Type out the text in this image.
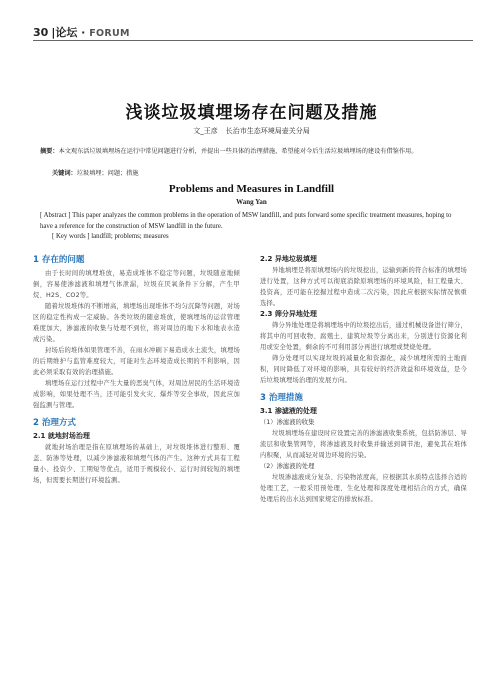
30 |论坛 · FORUM
浅谈垃圾填埋场存在问题及措施
文_王彦 长治市生态环境局壶关分局
摘要：本文观东活垃圾填埋场在运行中常见问题进行分析，并提出一些具体的治理措施，希望能对今后生活垃圾填埋场的建设有借鉴作用。
关键词：垃圾填埋；问题；措施
Problems and Measures in Landfill
Wang Yan
[ Abstract ] This paper analyzes the common problems in the operation of MSW landfill, and puts forward some specific treatment measures, hoping to have a reference for the construction of MSW landfill in the future.
[ Key words ] landfill; problems; measures
1 存在的问题

由于长时间的填埋堆放，易造成堆体不稳定等问题，垃圾随意地倾倒，容易使渗滤液和填埋气体泄漏，垃圾在厌氧条件下分解，产生甲烷、H2S、CO2等。

随着垃圾堆体的不断增高，填埋场出现堆体不均匀沉降等问题，对场区的稳定性构成一定威胁。各类垃圾的随意堆放，使填埋场的运营管理难度加大，渗滤液的收集与处理不到位，将对周边的地下水和地表水造成污染。

封场后的堆体如果管理不善，在雨水冲刷下易造成水土流失，填埋场的后期维护与监管难度较大，可能对生态环境造成长期的不利影响，因此必须采取有效的治理措施。

填埋场在运行过程中产生大量的恶臭气体，对周边居民的生活环境造成影响，如果处理不当，还可能引发火灾、爆炸等安全事故，因此应加强监测与管理。

2 治理方式
2.1 就地封场治理

就地封场治理是指在原填埋场的基础上，对垃圾堆体进行整形、覆盖、防渗等处理，以减少渗滤液和填埋气体的产生。这种方式具有工程量小、投资少、工期短等优点，适用于规模较小、运行时间较短的填埋场，但需要长期进行环境监测。

2.2 异地垃圾填埋

异地填埋是将原填埋场内的垃圾挖出，运输到新的符合标准的填埋场进行处置，这种方式可以彻底消除原填埋场的环境风险，但工程量大、投资高，还可能在挖掘过程中造成二次污染，因此应根据实际情况慎重选择。

2.3 筛分异地处理

筛分异地处理是将填埋场中的垃圾挖出后，通过机械设备进行筛分，将其中的可回收物、腐殖土、建筑垃圾等分离出来，分别进行资源化利用或安全处置，剩余的不可利用部分再进行填埋或焚烧处理。

筛分处理可以实现垃圾的减量化和资源化，减少填埋所需的土地面积，同时降低了对环境的影响，具有较好的经济效益和环境效益，是今后垃圾填埋场治理的发展方向。

3 治理措施
3.1 渗滤液的处理
（1）渗滤液的收集

垃圾填埋场在建设时应设置完善的渗滤液收集系统，包括防渗层、导流层和收集管网等，将渗滤液及时收集并输送到调节池，避免其在堆体内积聚，从而减轻对周边环境的污染。

（2）渗滤液的处理

垃圾渗滤液成分复杂、污染物浓度高，应根据其水质特点选择合适的处理工艺，一般采用预处理、生化处理和深度处理相结合的方式，确保处理后的出水达到国家规定的排放标准。
